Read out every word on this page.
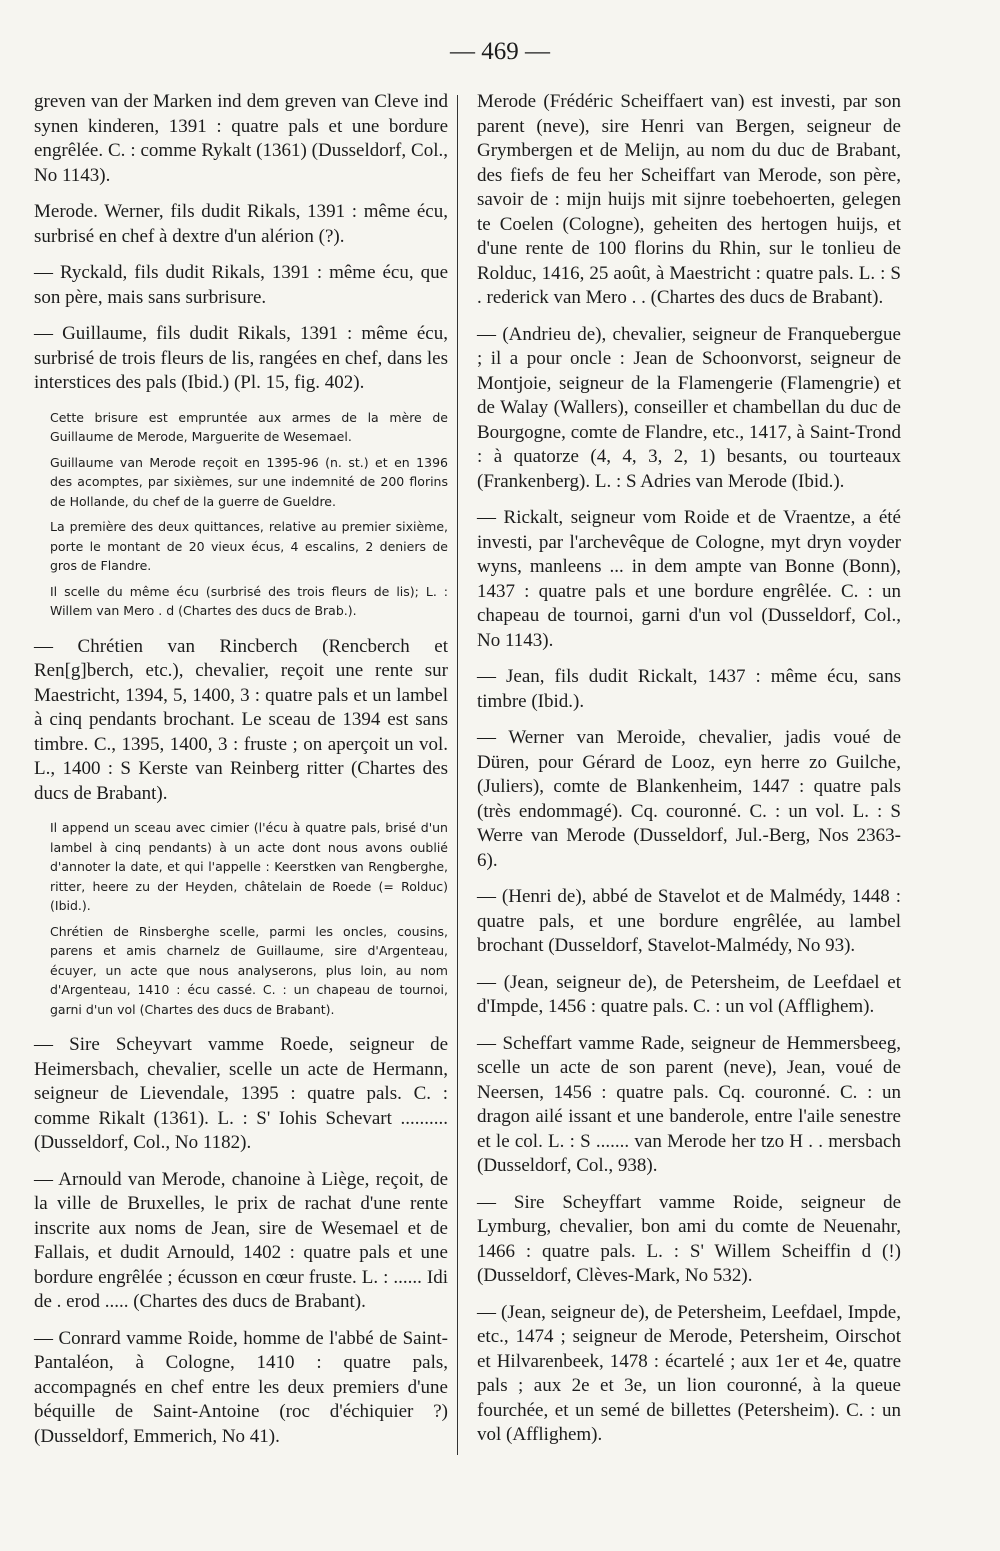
— 469 —

greven van der Marken ind dem greven van Cleve ind synen kinderen, 1391 : quatre pals et une bordure engrêlée. C. : comme Rykalt (1361) (Dusseldorf, Col., No 1143).

Merode. Werner, fils dudit Rikals, 1391 : même écu, surbrisé en chef à dextre d'un alérion (?).

— Ryckald, fils dudit Rikals, 1391 : même écu, que son père, mais sans surbrisure.

— Guillaume, fils dudit Rikals, 1391 : même écu, surbrisé de trois fleurs de lis, rangées en chef, dans les interstices des pals (Ibid.) (Pl. 15, fig. 402).

Cette brisure est empruntée aux armes de la mère de Guillaume de Merode, Marguerite de Wesemael.

Guillaume van Merode reçoit en 1395-96 (n. st.) et en 1396 des acomptes, par sixièmes, sur une indemnité de 200 florins de Hollande, du chef de la guerre de Gueldre.

La première des deux quittances, relative au premier sixième, porte le montant de 20 vieux écus, 4 escalins, 2 deniers de gros de Flandre.

Il scelle du même écu (surbrisé des trois fleurs de lis); L. : Willem van Mero . d (Chartes des ducs de Brab.).

— Chrétien van Rincberch (Rencberch et Ren[g]berch, etc.), chevalier, reçoit une rente sur Maestricht, 1394, 5, 1400, 3 : quatre pals et un lambel à cinq pendants brochant. Le sceau de 1394 est sans timbre. C., 1395, 1400, 3 : fruste ; on aperçoit un vol. L., 1400 : S Kerste van Reinberg ritter (Chartes des ducs de Brabant).

Il append un sceau avec cimier (l'écu à quatre pals, brisé d'un lambel à cinq pendants) à un acte dont nous avons oublié d'annoter la date, et qui l'appelle : Keerstken van Rengberghe, ritter, heere zu der Heyden, châtelain de Roede (= Rolduc) (Ibid.).

Chrétien de Rinsberghe scelle, parmi les oncles, cousins, parens et amis charnelz de Guillaume, sire d'Argenteau, écuyer, un acte que nous analyserons, plus loin, au nom d'Argenteau, 1410 : écu cassé. C. : un chapeau de tournoi, garni d'un vol (Chartes des ducs de Brabant).

— Sire Scheyvart vamme Roede, seigneur de Heimersbach, chevalier, scelle un acte de Hermann, seigneur de Lievendale, 1395 : quatre pals. C. : comme Rikalt (1361). L. : S' Iohis Schevart .......... (Dusseldorf, Col., No 1182).

— Arnould van Merode, chanoine à Liège, reçoit, de la ville de Bruxelles, le prix de rachat d'une rente inscrite aux noms de Jean, sire de Wesemael et de Fallais, et dudit Arnould, 1402 : quatre pals et une bordure engrêlée ; écusson en cœur fruste. L. : ...... Idi de . erod ..... (Chartes des ducs de Brabant).

— Conrard vamme Roide, homme de l'abbé de Saint-Pantaléon, à Cologne, 1410 : quatre pals, accompagnés en chef entre les deux premiers d'une béquille de Saint-Antoine (roc d'échiquier ?) (Dusseldorf, Emmerich, No 41).

Merode (Frédéric Scheiffaert van) est investi, par son parent (neve), sire Henri van Bergen, seigneur de Grymbergen et de Melijn, au nom du duc de Brabant, des fiefs de feu her Scheiffart van Merode, son père, savoir de : mijn huijs mit sijnre toebehoerten, gelegen te Coelen (Cologne), geheiten des hertogen huijs, et d'une rente de 100 florins du Rhin, sur le tonlieu de Rolduc, 1416, 25 août, à Maestricht : quatre pals. L. : S . rederick van Mero . . (Chartes des ducs de Brabant).

— (Andrieu de), chevalier, seigneur de Franquebergue ; il a pour oncle : Jean de Schoonvorst, seigneur de Montjoie, seigneur de la Flamengerie (Flamengrie) et de Walay (Wallers), conseiller et chambellan du duc de Bourgogne, comte de Flandre, etc., 1417, à Saint-Trond : à quatorze (4, 4, 3, 2, 1) besants, ou tourteaux (Frankenberg). L. : S Adries van Merode (Ibid.).

— Rickalt, seigneur vom Roide et de Vraentze, a été investi, par l'archevêque de Cologne, myt dryn voyder wyns, manleens ... in dem ampte van Bonne (Bonn), 1437 : quatre pals et une bordure engrêlée. C. : un chapeau de tournoi, garni d'un vol (Dusseldorf, Col., No 1143).

— Jean, fils dudit Rickalt, 1437 : même écu, sans timbre (Ibid.).

— Werner van Meroide, chevalier, jadis voué de Düren, pour Gérard de Looz, eyn herre zo Guilche, (Juliers), comte de Blankenheim, 1447 : quatre pals (très endommagé). Cq. couronné. C. : un vol. L. : S Werre van Merode (Dusseldorf, Jul.-Berg, Nos 2363-6).

— (Henri de), abbé de Stavelot et de Malmédy, 1448 : quatre pals, et une bordure engrêlée, au lambel brochant (Dusseldorf, Stavelot-Malmédy, No 93).

— (Jean, seigneur de), de Petersheim, de Leefdael et d'Impde, 1456 : quatre pals. C. : un vol (Afflighem).

— Scheffart vamme Rade, seigneur de Hemmersbeeg, scelle un acte de son parent (neve), Jean, voué de Neersen, 1456 : quatre pals. Cq. couronné. C. : un dragon ailé issant et une banderole, entre l'aile senestre et le col. L. : S ....... van Merode her tzo H . . mersbach (Dusseldorf, Col., 938).

— Sire Scheyffart vamme Roide, seigneur de Lymburg, chevalier, bon ami du comte de Neuenahr, 1466 : quatre pals. L. : S' Willem Scheiffin d (!) (Dusseldorf, Clèves-Mark, No 532).

— (Jean, seigneur de), de Petersheim, Leefdael, Impde, etc., 1474 ; seigneur de Merode, Petersheim, Oirschot et Hilvarenbeek, 1478 : écartelé ; aux 1er et 4e, quatre pals ; aux 2e et 3e, un lion couronné, à la queue fourchée, et un semé de billettes (Petersheim). C. : un vol (Afflighem).
